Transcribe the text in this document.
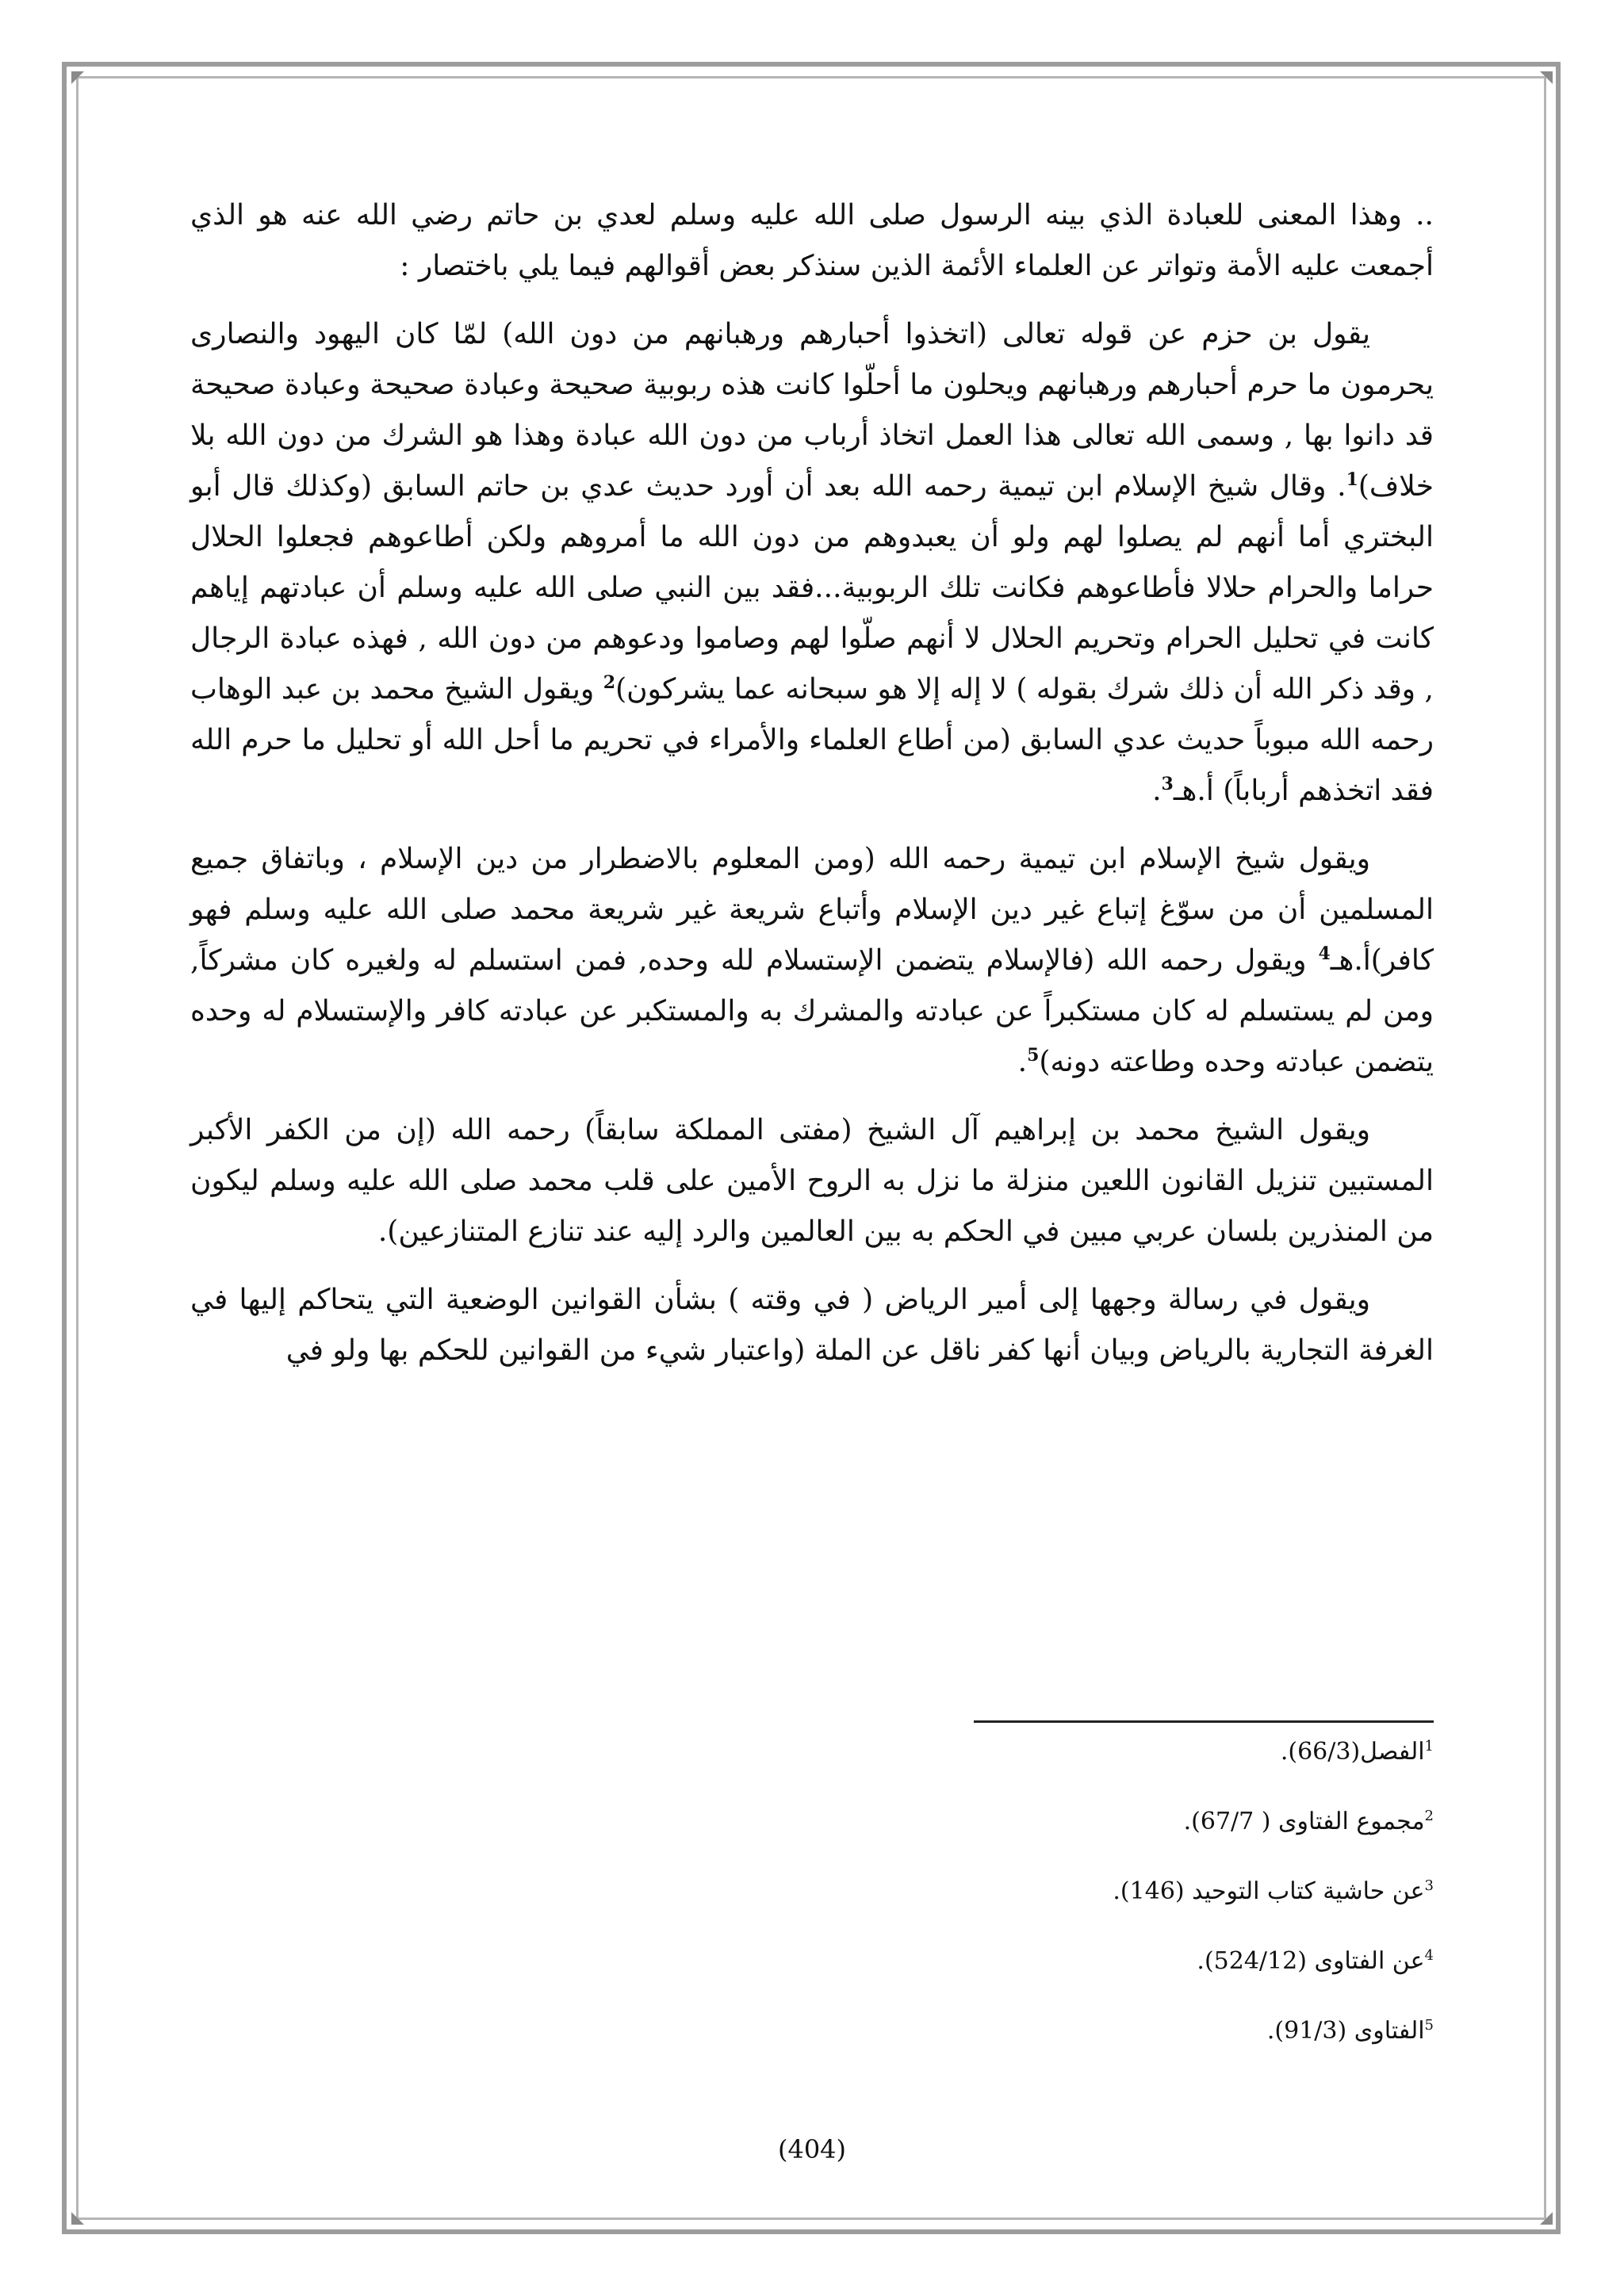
.. وهذا المعنى للعبادة الذي بينه الرسول صلى الله عليه وسلم لعدي بن حاتم رضي الله عنه هو الذي أجمعت عليه الأمة وتواتر عن العلماء الأئمة الذين سنذكر بعض أقوالهم فيما يلي باختصار :

يقول بن حزم عن قوله تعالى (اتخذوا أحبارهم ورهبانهم من دون الله) لمّا كان اليهود والنصارى يحرمون ما حرم أحبارهم ورهبانهم ويحلون ما أحلّوا كانت هذه ربوبية صحيحة وعبادة صحيحة وعبادة صحيحة قد دانوا بها , وسمى الله تعالى هذا العمل اتخاذ أرباب من دون الله عبادة وهذا هو الشرك من دون الله بلا خلاف)$^1$. وقال شيخ الإسلام ابن تيمية رحمه الله بعد أن أورد حديث عدي بن حاتم السابق (وكذلك قال أبو البختري أما أنهم لم يصلوا لهم ولو أن يعبدوهم من دون الله ما أمروهم ولكن أطاعوهم فجعلوا الحلال حراما والحرام حلالا فأطاعوهم فكانت تلك الربوبية...فقد بين النبي صلى الله عليه وسلم أن عبادتهم إياهم كانت في تحليل الحرام وتحريم الحلال لا أنهم صلّوا لهم وصاموا ودعوهم من دون الله , فهذه عبادة الرجال , وقد ذكر الله أن ذلك شرك بقوله ) لا إله إلا هو سبحانه عما يشركون)$^2$ ويقول الشيخ محمد بن عبد الوهاب رحمه الله مبوباً حديث عدي السابق (من أطاع العلماء والأمراء في تحريم ما أحل الله أو تحليل ما حرم الله فقد اتخذهم أرباباً) أ.هـ$^3$.

ويقول شيخ الإسلام ابن تيمية رحمه الله (ومن المعلوم بالاضطرار من دين الإسلام ، وباتفاق جميع المسلمين أن من سوّغ إتباع غير دين الإسلام وأتباع شريعة غير شريعة محمد صلى الله عليه وسلم فهو كافر)أ.هـ$^4$ ويقول رحمه الله (فالإسلام يتضمن الإستسلام لله وحده, فمن استسلم له ولغيره كان مشركاً, ومن لم يستسلم له كان مستكبراً عن عبادته والمشرك به والمستكبر عن عبادته كافر والإستسلام له وحده يتضمن عبادته وحده وطاعته دونه)$^5$.

ويقول الشيخ محمد بن إبراهيم آل الشيخ (مفتى المملكة سابقاً) رحمه الله (إن من الكفر الأكبر المستبين تنزيل القانون اللعين منزلة ما نزل به الروح الأمين على قلب محمد صلى الله عليه وسلم ليكون من المنذرين بلسان عربي مبين في الحكم به بين العالمين والرد إليه عند تنازع المتنازعين).

ويقول في رسالة وجهها إلى أمير الرياض ( في وقته ) بشأن القوانين الوضعية التي يتحاكم إليها في الغرفة التجارية بالرياض وبيان أنها كفر ناقل عن الملة (واعتبار شيء من القوانين للحكم بها ولو في

$^1$الفصل(66/3).
$^2$مجموع الفتاوى ( 67/7).
$^3$عن حاشية كتاب التوحيد (146).
$^4$عن الفتاوى (524/12).
$^5$الفتاوى (91/3).
(404)
